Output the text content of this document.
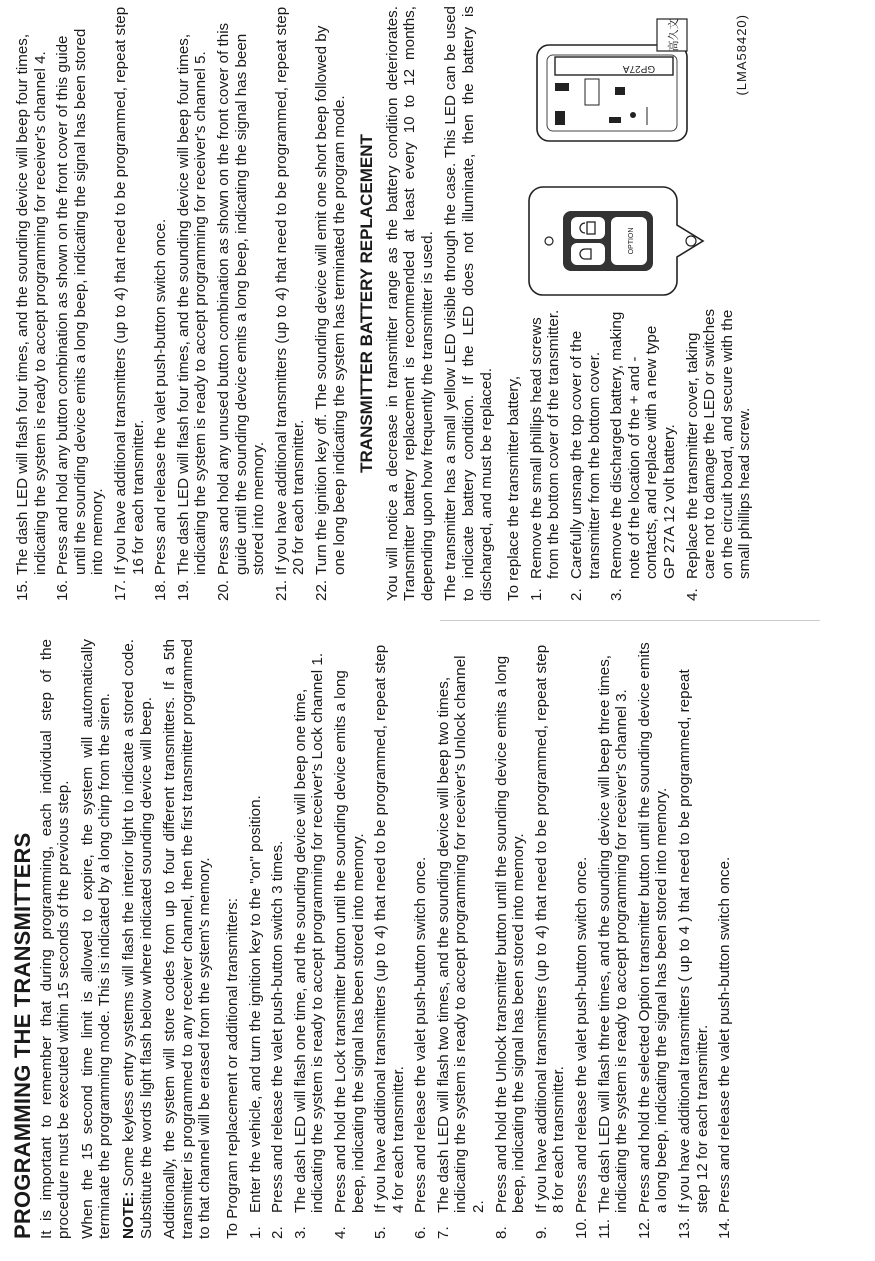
PROGRAMMING THE TRANSMITTERS It is important to remember that during programming, each individual step of the procedure must be executed within 15 seconds of the previous step. When the 15 second time limit is allowed to expire, the system will automatically terminate the programming mode. This is indicated by a long chirp from the siren. NOTE: Some keyless entry systems will flash the interior light to indicate a stored code. Substitute the words light flash below where indicated sounding device will beep. Additionally, the system will store codes from up to four different transmitters. If a 5th transmitter is programmed to any receiver channel, then the first transmitter programmed to that channel will be erased from the system's memory. To Program replacement or additional transmitters: 1.
Enter the vehicle, and turn the ignition key to the "on" position.
2.
Press and release the valet push-button switch 3 times.
3.
The dash LED will flash one time, and the sounding device will beep one time, indicating the system is ready to accept programming for receiver's Lock channel 1.
4.
Press and hold the Lock transmitter button until the sounding device emits a long beep, indicating the signal has been stored into memory.
5.
If you have additional transmitters (up to 4) that need to be programmed, repeat step 4 for each transmitter.
6.
Press and release the valet push-button switch once.
7.
The dash LED will flash two times, and the sounding device will beep two times, indicating the system is ready to accept programming for receiver's Unlock channel 2.
8.
Press and hold the Unlock transmitter button until the sounding device emits a long beep, indicating the signal has been stored into memory.
9.
If you have additional transmitters (up to 4) that need to be programmed, repeat step 8 for each transmitter.
10.
Press and release the valet push-button switch once.
11.
The dash LED will flash three times, and the sounding device will beep three times, indicating the system is ready to accept programming for receiver's channel 3.
12.
Press and hold the selected Option transmitter button until the sounding device emits a long beep, indicating the signal has been stored into memory.
13.
If you have additional transmitters ( up to 4 ) that need to be programmed, repeat step 12 for each transmitter.
14.
Press and release the valet push-button switch once.
15.
The dash LED will flash four times, and the sounding device will beep four times, indicating the system is ready to accept programming for receiver's channel 4.
16.
Press and hold any button combination as shown on the front cover of this guide until the sounding device emits a long beep, indicating the signal has been stored into memory.
17.
If you have additional transmitters (up to 4) that need to be programmed, repeat step 16 for each transmitter.
18.
Press and release the valet push-button switch once.
19.
The dash LED will flash four times, and the sounding device will beep four times, indicating the system is ready to accept programming for receiver's channel 5.
20.
Press and hold any unused button combination as shown on the front cover of this guide until the sounding device emits a long beep, indicating the signal has been stored into memory.
21.
If you have additional transmitters (up to 4) that need to be programmed, repeat step 20 for each transmitter.
22.
Turn the ignition key off. The sounding device will emit one short beep followed by one long beep indicating the system has terminated the program mode. TRANSMITTER BATTERY REPLACEMENT You will notice a decrease in transmitter range as the battery condition deteriorates. Transmitter battery replacement is recommended at least every 10 to 12 months, depending upon how frequently the transmitter is used. The transmitter has a small yellow LED visible through the case. This LED can be used to indicate battery condition. If the LED does not illuminate, then the battery is discharged, and must be replaced. To replace the transmitter battery, 1.
Remove the small phillips head screws from the bottom cover of the transmitter.
2.
Carefully unsnap the top cover of the transmitter from the bottom cover.
3.
Remove the discharged battery, making note of the location of the + and - contacts, and replace with a new type GP 27A 12 volt battery.
4.
Replace the transmitter cover, taking care not to damage the LED or switches on the circuit board, and secure with the small phillips head screw.
OPTION
GP27A
高久文	(LMA58420)
